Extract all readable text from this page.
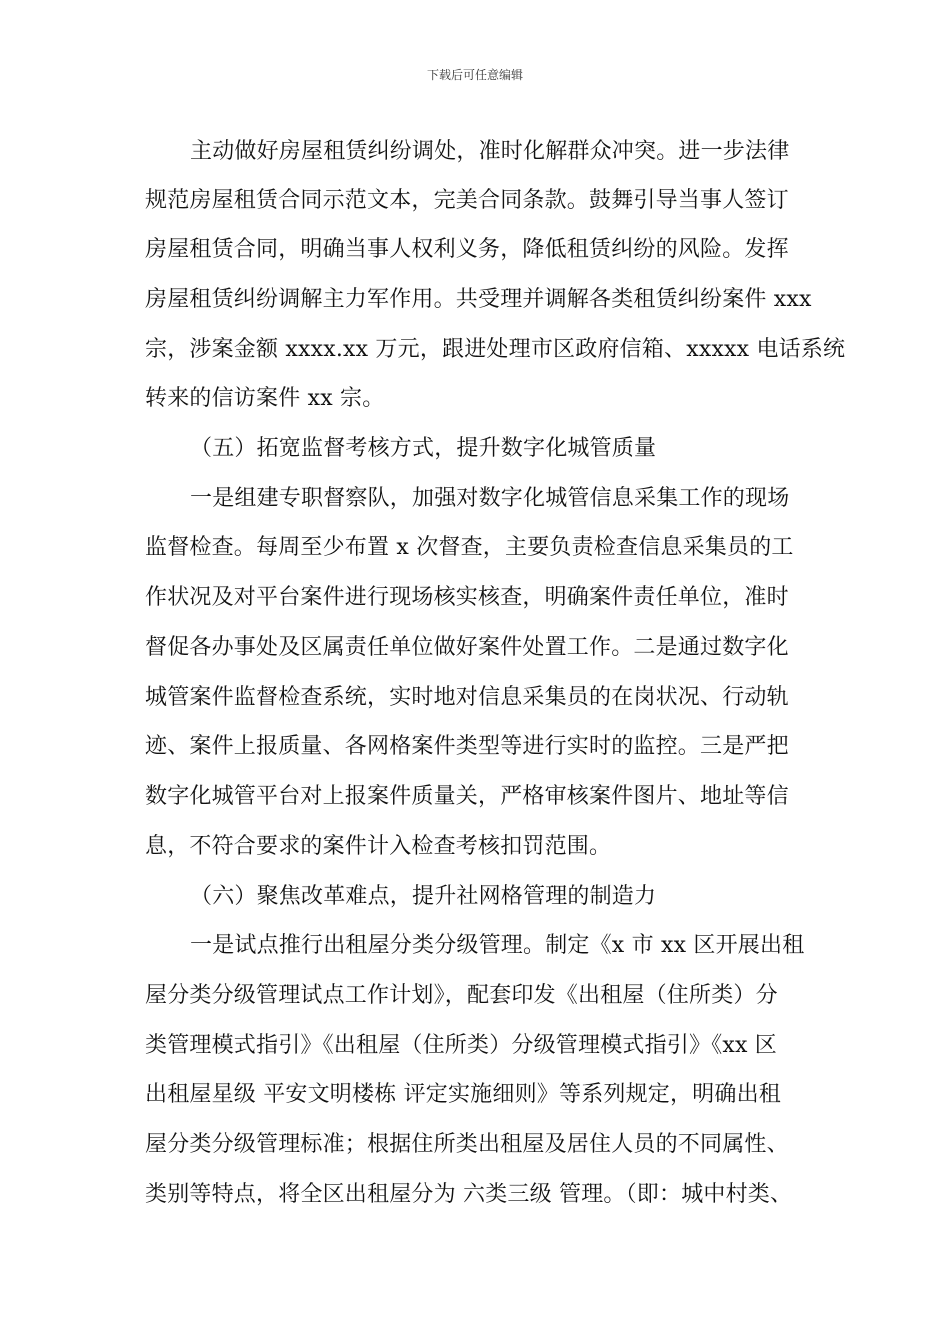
下载后可任意编辑
主动做好房屋租赁纠纷调处，准时化解群众冲突。进一步法律
规范房屋租赁合同示范文本，完美合同条款。鼓舞引导当事人签订
房屋租赁合同，明确当事人权利义务，降低租赁纠纷的风险。发挥
房屋租赁纠纷调解主力军作用。共受理并调解各类租赁纠纷案件 xxx
宗，涉案金额 xxxx.xx 万元，跟进处理市区政府信箱、xxxxx 电话系统
转来的信访案件 xx 宗。
（五）拓宽监督考核方式，提升数字化城管质量
一是组建专职督察队，加强对数字化城管信息采集工作的现场
监督检查。每周至少布置 x 次督查，主要负责检查信息采集员的工
作状况及对平台案件进行现场核实核查，明确案件责任单位，准时
督促各办事处及区属责任单位做好案件处置工作。二是通过数字化
城管案件监督检查系统，实时地对信息采集员的在岗状况、行动轨
迹、案件上报质量、各网格案件类型等进行实时的监控。三是严把
数字化城管平台对上报案件质量关，严格审核案件图片、地址等信
息，不符合要求的案件计入检查考核扣罚范围。
（六）聚焦改革难点，提升社网格管理的制造力
一是试点推行出租屋分类分级管理。制定《x 市 xx 区开展出租
屋分类分级管理试点工作计划》，配套印发《出租屋（住所类）分
类管理模式指引》《出租屋（住所类）分级管理模式指引》《xx 区
出租屋星级 平安文明楼栋 评定实施细则》等系列规定，明确出租
屋分类分级管理标准；根据住所类出租屋及居住人员的不同属性、
类别等特点，将全区出租屋分为 六类三级 管理。（即：城中村类、
